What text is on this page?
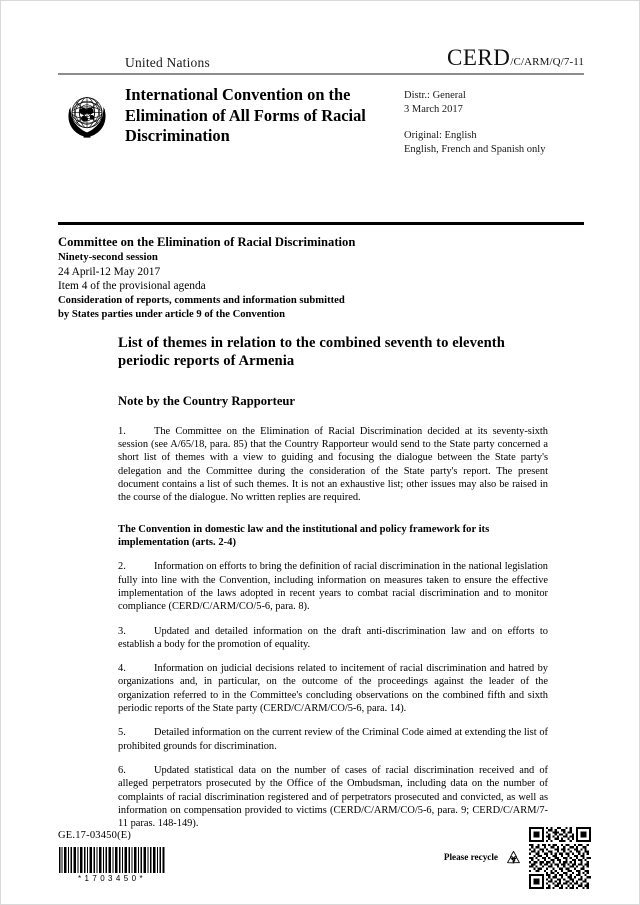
United Nations	CERD/C/ARM/Q/7-11
International Convention on the Elimination of All Forms of Racial Discrimination
Distr.: General
3 March 2017
Original: English
English, French and Spanish only
Committee on the Elimination of Racial Discrimination
Ninety-second session
24 April-12 May 2017
Item 4 of the provisional agenda
Consideration of reports, comments and information submitted
by States parties under article 9 of the Convention
List of themes in relation to the combined seventh to eleventh periodic reports of Armenia
Note by the Country Rapporteur

1.	The Committee on the Elimination of Racial Discrimination decided at its seventy-sixth session (see A/65/18, para. 85) that the Country Rapporteur would send to the State party concerned a short list of themes with a view to guiding and focusing the dialogue between the State party's delegation and the Committee during the consideration of the State party's report. The present document contains a list of such themes. It is not an exhaustive list; other issues may also be raised in the course of the dialogue. No written replies are required.

The Convention in domestic law and the institutional and policy framework for its implementation (arts. 2-4)

2.	Information on efforts to bring the definition of racial discrimination in the national legislation fully into line with the Convention, including information on measures taken to ensure the effective implementation of the laws adopted in recent years to combat racial discrimination and to monitor compliance (CERD/C/ARM/CO/5-6, para. 8).

3.	Updated and detailed information on the draft anti-discrimination law and on efforts to establish a body for the promotion of equality.

4.	Information on judicial decisions related to incitement of racial discrimination and hatred by organizations and, in particular, on the outcome of the proceedings against the leader of the organization referred to in the Committee's concluding observations on the combined fifth and sixth periodic reports of the State party (CERD/C/ARM/CO/5-6, para. 14).

5.	Detailed information on the current review of the Criminal Code aimed at extending the list of prohibited grounds for discrimination.

6.	Updated statistical data on the number of cases of racial discrimination received and of alleged perpetrators prosecuted by the Office of the Ombudsman, including data on the number of complaints of racial discrimination registered and of perpetrators prosecuted and convicted, as well as information on compensation provided to victims (CERD/C/ARM/CO/5-6, para. 9; CERD/C/ARM/7-11 paras. 148-149).

GE.17-03450(E)
*1703450*
Please recycle
